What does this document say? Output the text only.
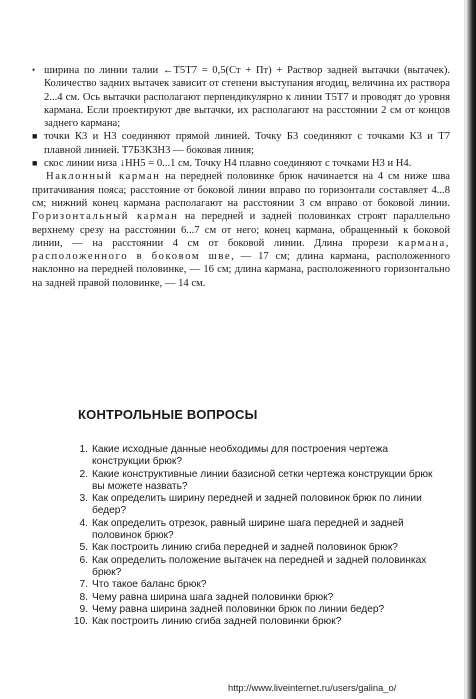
• ширина по линии талии ←Т5Т7 = 0,5(Ст + Пт) + Раствор задней вытачки (вытачек). Количество задних вытачек зависит от степени выступания ягодиц, величина их раствора 2...4 см. Ось вытачки располагают перпендикулярно к линии Т5Т7 и проводят до уровня кармана. Если проектируют две вытачки, их располагают на расстоянии 2 см от концов заднего кармана;

■ точки К3 и Н3 соединяют прямой линией. Точку Б3 соединяют с точками К3 и Т7 плавной линией. Т7Б3К3Н3 — боковая линия;

■ скос линии низа ↓НН5 = 0...1 см. Точку Н4 плавно соединяют с точками Н3 и Н4.

Наклонный карман на передней половинке брюк начинается на 4 см ниже шва притачивания пояса; расстояние от боковой линии вправо по горизонтали составляет 4...8 см; нижний конец кармана располагают на расстоянии 3 см вправо от боковой линии. Горизонтальный карман на передней и задней половинках строят параллельно верхнему срезу на расстоянии 6...7 см от него; конец кармана, обращенный к боковой линии, — на расстоянии 4 см от боковой линии. Длина прорези кармана, расположенного в боковом шве, — 17 см; длина кармана, расположенного наклонно на передней половинке, — 16 см; длина кармана, расположенного горизонтально на задней правой половинке, — 14 см.

КОНТРОЛЬНЫЕ ВОПРОСЫ
1. Какие исходные данные необходимы для построения чертежа конструкции брюк?
2. Какие конструктивные линии базисной сетки чертежа конструкции брюк вы можете назвать?
3. Как определить ширину передней и задней половинок брюк по линии бедер?
4. Как определить отрезок, равный ширине шага передней и задней половинок брюк?
5. Как построить линию сгиба передней и задней половинок брюк?
6. Как определить положение вытачек на передней и задней половинках брюк?
7. Что такое баланс брюк?
8. Чему равна ширина шага задней половинки брюк?
9. Чему равна ширина задней половинки брюк по линии бедер?
10. Как построить линию сгиба задней половинки брюк?
http://www.liveinternet.ru/users/galina_o/
